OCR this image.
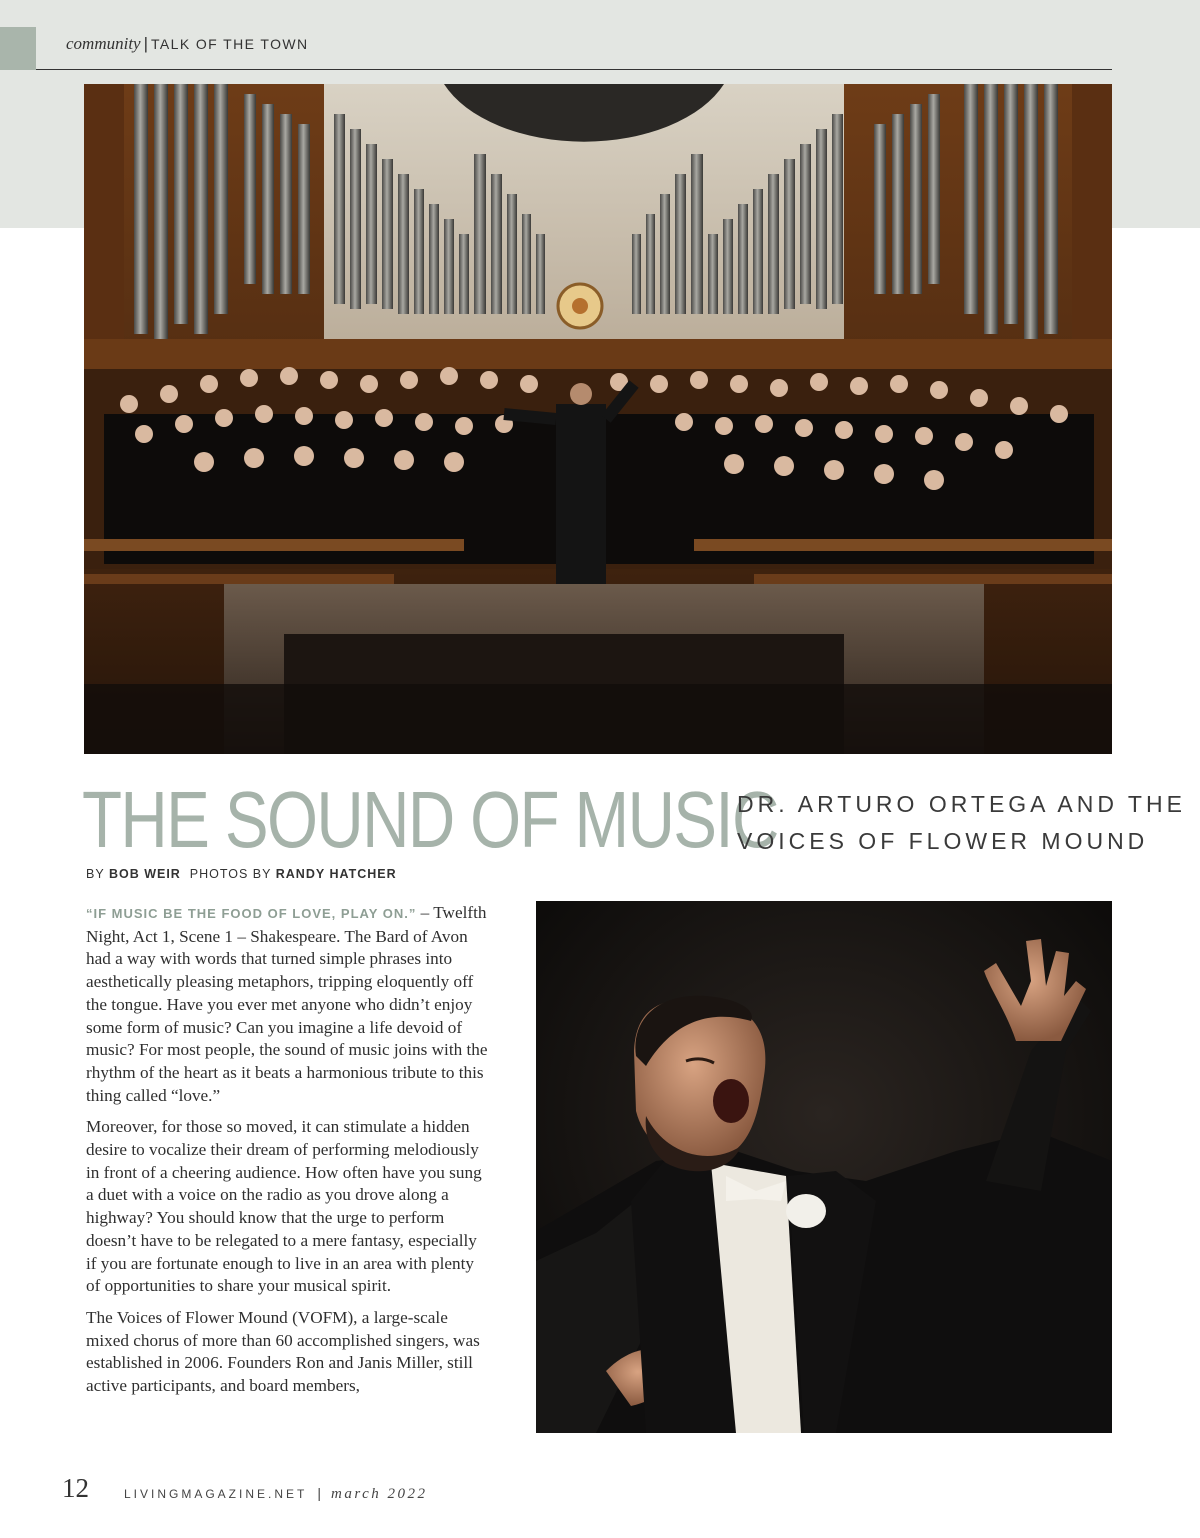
community | TALK OF THE TOWN
THE SOUND OF MUSIC
DR. ARTURO ORTEGA AND THE
VOICES OF FLOWER MOUND
BY BOB WEIR PHOTOS BY RANDY HATCHER

“IF MUSIC BE THE FOOD OF LOVE, PLAY ON.” – Twelfth Night, Act 1, Scene 1 – Shakespeare. The Bard of Avon had a way with words that turned simple phrases into aesthetically pleasing metaphors, tripping eloquently off the tongue. Have you ever met anyone who didn’t enjoy some form of music? Can you imagine a life devoid of music? For most people, the sound of music joins with the rhythm of the heart as it beats a harmonious tribute to this thing called “love.”

Moreover, for those so moved, it can stimulate a hidden desire to vocalize their dream of performing melodiously in front of a cheering audience. How often have you sung a duet with a voice on the radio as you drove along a highway? You should know that the urge to perform doesn’t have to be relegated to a mere fantasy, especially if you are fortunate enough to live in an area with plenty of opportunities to share your musical spirit.

The Voices of Flower Mound (VOFM), a large-scale mixed chorus of more than 60 accomplished singers, was established in 2006. Founders Ron and Janis Miller, still active participants, and board members,

12	LIVINGMAGAZINE.NET | march 2022
